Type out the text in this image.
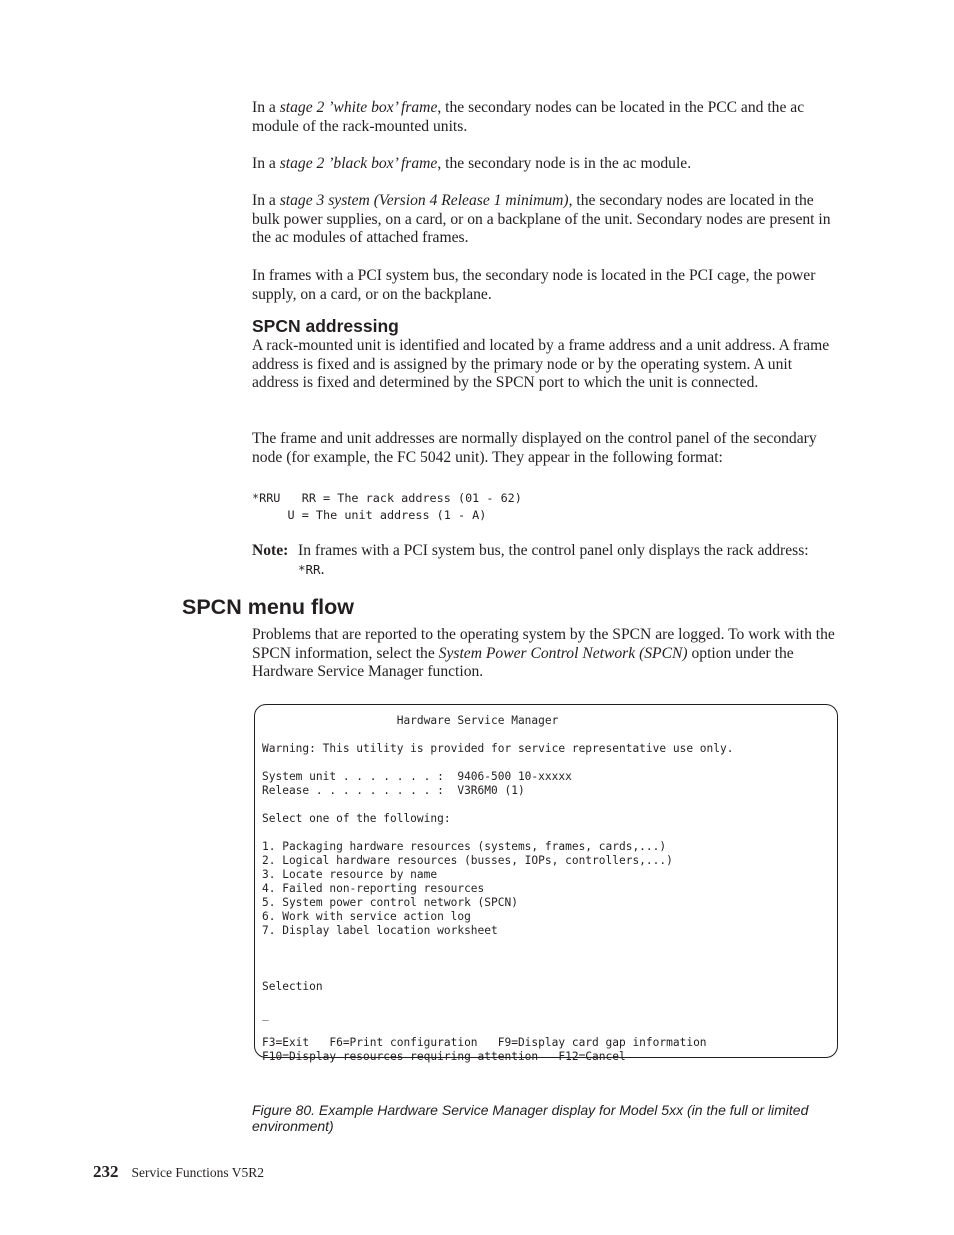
In a stage 2 ’white box’ frame, the secondary nodes can be located in the PCC and the ac module of the rack-mounted units.

In a stage 2 ’black box’ frame, the secondary node is in the ac module.

In a stage 3 system (Version 4 Release 1 minimum), the secondary nodes are located in the bulk power supplies, on a card, or on a backplane of the unit. Secondary nodes are present in the ac modules of attached frames.

In frames with a PCI system bus, the secondary node is located in the PCI cage, the power supply, on a card, or on the backplane.

SPCN addressing

A rack-mounted unit is identified and located by a frame address and a unit address. A frame address is fixed and is assigned by the primary node or by the operating system. A unit address is fixed and determined by the SPCN port to which the unit is connected.

The frame and unit addresses are normally displayed on the control panel of the secondary node (for example, the FC 5042 unit). They appear in the following format:

*RRU   RR = The rack address (01 - 62)
U = The unit address (1 - A)
Note: In frames with a PCI system bus, the control panel only displays the rack address: *RR.
SPCN menu flow

Problems that are reported to the operating system by the SPCN are logged. To work with the SPCN information, select the System Power Control Network (SPCN) option under the Hardware Service Manager function.

Hardware Service Manager

Warning: This utility is provided for service representative use only.

System unit . . . . . . . :  9406-500 10-xxxxx
Release . . . . . . . . . :  V3R6M0 (1)

Select one of the following:

1. Packaging hardware resources (systems, frames, cards,...)
2. Logical hardware resources (busses, IOPs, controllers,...)
3. Locate resource by name
4. Failed non-reporting resources
5. System power control network (SPCN)
6. Work with service action log
7. Display label location worksheet

Selection

_

F3=Exit   F6=Print configuration   F9=Display card gap information
F10=Display resources requiring attention   F12=Cancel

Figure 80. Example Hardware Service Manager display for Model 5xx (in the full or limited environment)

232 Service Functions V5R2
